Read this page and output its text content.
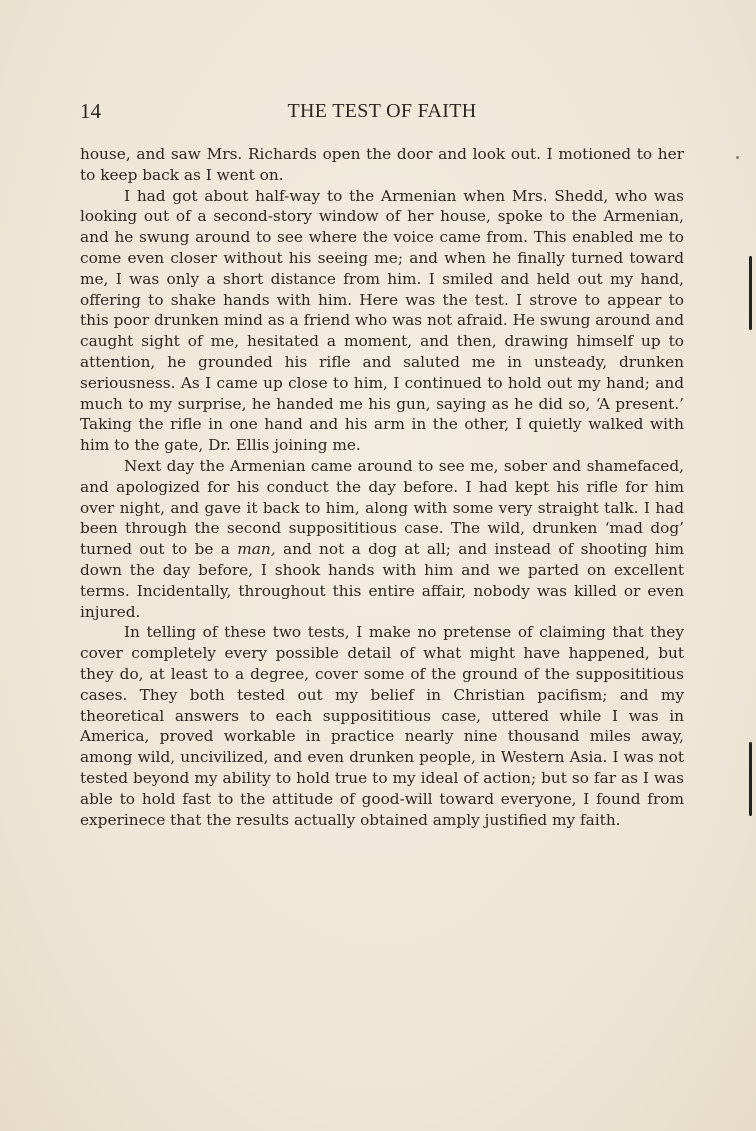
14	THE TEST OF FAITH

house, and saw Mrs. Richards open the door and look out. I motioned to her to keep back as I went on.

I had got about half-way to the Armenian when Mrs. Shedd, who was looking out of a second-story window of her house, spoke to the Armenian, and he swung around to see where the voice came from. This enabled me to come even closer without his seeing me; and when he finally turned toward me, I was only a short distance from him. I smiled and held out my hand, offering to shake hands with him. Here was the test. I strove to appear to this poor drunken mind as a friend who was not afraid. He swung around and caught sight of me, hesitated a moment, and then, drawing himself up to attention, he grounded his rifle and saluted me in unsteady, drunken seriousness. As I came up close to him, I continued to hold out my hand; and much to my surprise, he handed me his gun, saying as he did so, ‘A present.’ Taking the rifle in one hand and his arm in the other, I quietly walked with him to the gate, Dr. Ellis joining me.

Next day the Armenian came around to see me, sober and shamefaced, and apologized for his conduct the day before. I had kept his rifle for him over night, and gave it back to him, along with some very straight talk. I had been through the second supposititious case. The wild, drunken ‘mad dog’ turned out to be a man, and not a dog at all; and instead of shooting him down the day before, I shook hands with him and we parted on excellent terms. Incidentally, throughout this entire affair, nobody was killed or even injured.

In telling of these two tests, I make no pretense of claiming that they cover completely every possible detail of what might have happened, but they do, at least to a degree, cover some of the ground of the supposititious cases. They both tested out my belief in Christian pacifism; and my theoretical answers to each supposititious case, uttered while I was in America, proved workable in practice nearly nine thousand miles away, among wild, uncivilized, and even drunken people, in Western Asia. I was not tested beyond my ability to hold true to my ideal of action; but so far as I was able to hold fast to the attitude of good-will toward everyone, I found from experinece that the results actually obtained amply justified my faith.
